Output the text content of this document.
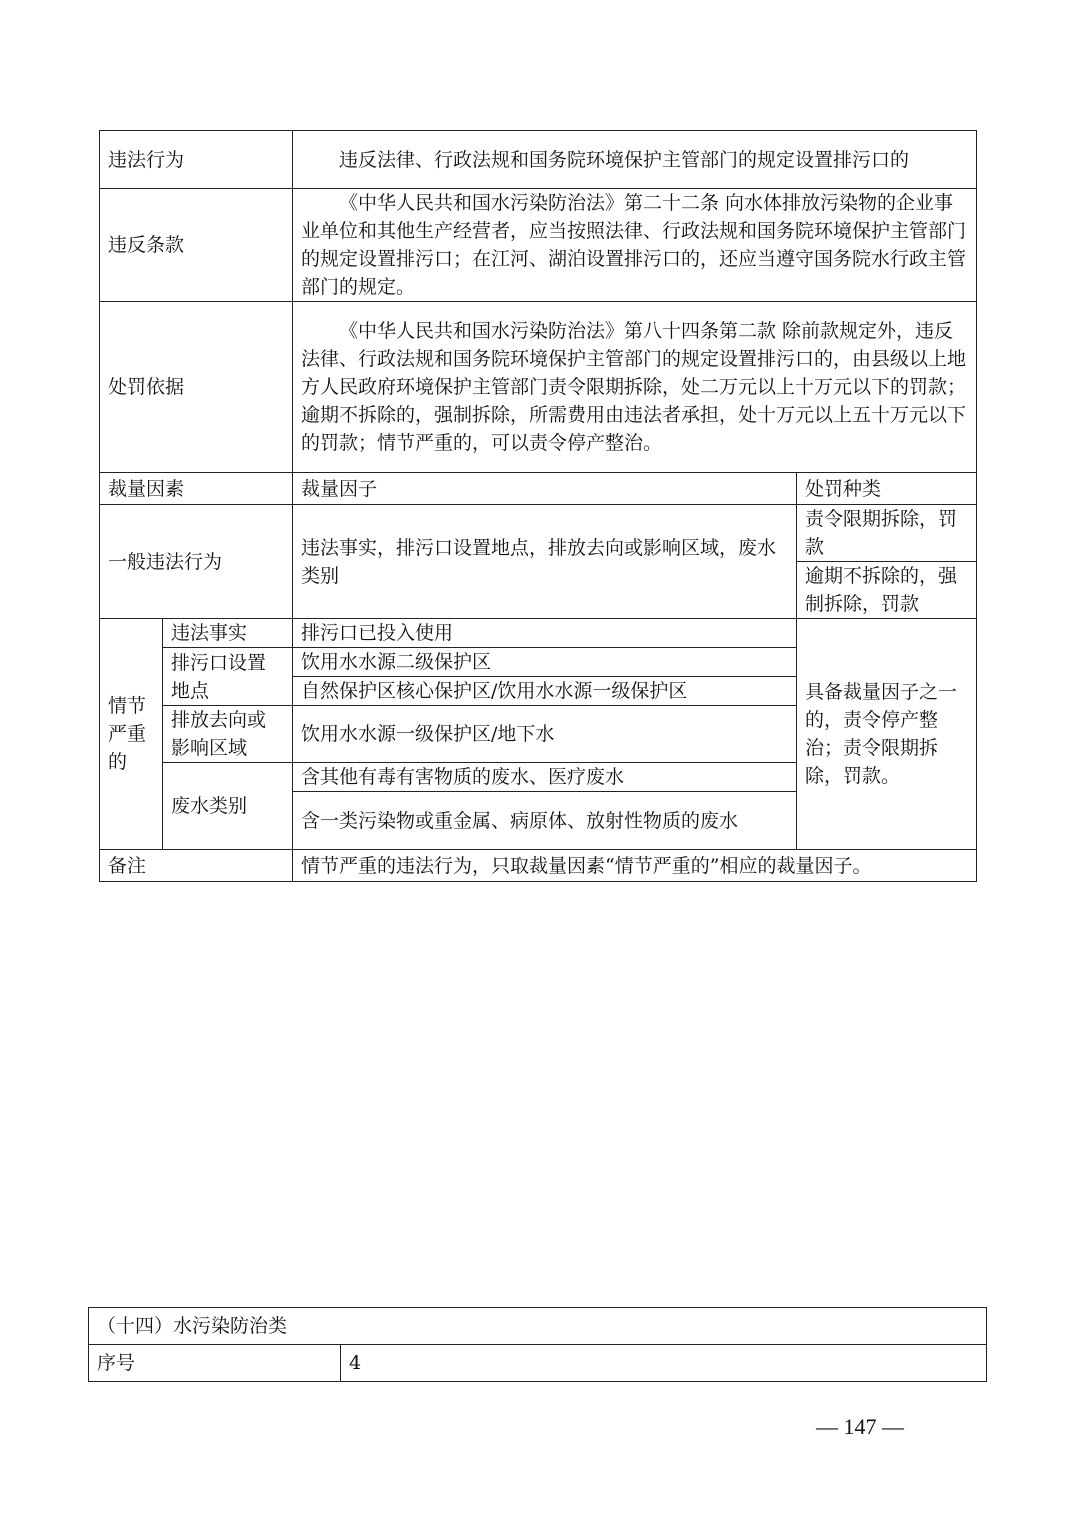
违法行为		违反法律、行政法规和国务院环境保护主管部门的规定设置排污口的	
违反条款		《中华人民共和国水污染防治法》第二十二条 向水体排放污染物的企业事业单位和其他生产经营者，应当按照法律、行政法规和国务院环境保护主管部门的规定设置排污口；在江河、湖泊设置排污口的，还应当遵守国务院水行政主管部门的规定。	
处罚依据		《中华人民共和国水污染防治法》第八十四条第二款 除前款规定外，违反法律、行政法规和国务院环境保护主管部门的规定设置排污口的，由县级以上地方人民政府环境保护主管部门责令限期拆除，处二万元以上十万元以下的罚款；逾期不拆除的，强制拆除，所需费用由违法者承担，处十万元以上五十万元以下的罚款；情节严重的，可以责令停产整治。	
裁量因素		裁量因子	处罚种类
一般违法行为		违法事实，排污口设置地点，排放去向或影响区域，废水类别	责令限期拆除，罚款
			逾期不拆除的，强制拆除，罚款
情节严重的	违法事实	排污口已投入使用	具备裁量因子之一的，责令停产整治；责令限期拆除，罚款。
	排污口设置地点	饮用水水源二级保护区	
		自然保护区核心保护区/饮用水水源一级保护区	
	排放去向或影响区域	饮用水水源一级保护区/地下水	
	废水类别	含其他有毒有害物质的废水、医疗废水	
		含一类污染物或重金属、病原体、放射性物质的废水	

备注		情节严重的违法行为，只取裁量因素“情节严重的”相应的裁量因子。	
（十四）水污染防治类
序号	4
— 147 —
